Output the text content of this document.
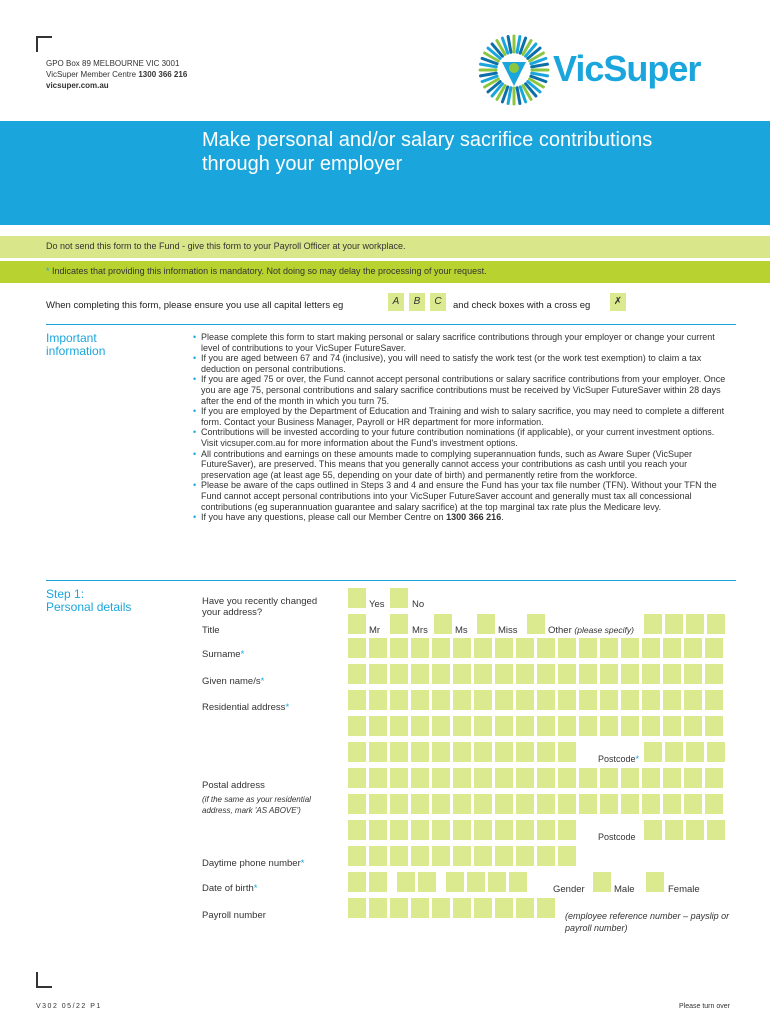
GPO Box 89 MELBOURNE VIC 3001
VicSuper Member Centre 1300 366 216
vicsuper.com.au	VicSuper
Make personal and/or salary sacrifice contributions
through your employer
Do not send this form to the Fund - give this form to your Payroll Officer at your workplace.
* Indicates that providing this information is mandatory. Not doing so may delay the processing of your request.
When completing this form, please ensure you use all capital letters eg	A	B	C	and check boxes with a cross eg	✗
Important
information
• Please complete this form to start making personal or salary sacrifice contributions through your employer or change your current level of contributions to your VicSuper FutureSaver.
• If you are aged between 67 and 74 (inclusive), you will need to satisfy the work test (or the work test exemption) to claim a tax deduction on personal contributions.
• If you are aged 75 or over, the Fund cannot accept personal contributions or salary sacrifice contributions from your employer. Once you are age 75, personal contributions and salary sacrifice contributions must be received by VicSuper FutureSaver within 28 days after the end of the month in which you turn 75.
• If you are employed by the Department of Education and Training and wish to salary sacrifice, you may need to complete a different form. Contact your Business Manager, Payroll or HR department for more information.
• Contributions will be invested according to your future contribution nominations (if applicable), or your current investment options. Visit vicsuper.com.au for more information about the Fund's investment options.
• All contributions and earnings on these amounts made to complying superannuation funds, such as Aware Super (VicSuper FutureSaver), are preserved. This means that you generally cannot access your contributions as cash until you reach your preservation age (at least age 55, depending on your date of birth) and permanently retire from the workforce.
• Please be aware of the caps outlined in Steps 3 and 4 and ensure the Fund has your tax file number (TFN). Without your TFN the Fund cannot accept personal contributions into your VicSuper FutureSaver account and generally must tax all concessional contributions (eg superannuation guarantee and salary sacrifice) at the top marginal tax rate plus the Medicare levy.
• If you have any questions, please call our Member Centre on 1300 366 216.
Step 1:
Personal details	Have you recently changed your address?
Yes	No
Title	Mr	Mrs	Ms	Miss	Other (please specify)
Surname*
Given name/s*
Residential address*
Postcode*
Postal address
(if the same as your residential address, mark 'AS ABOVE')
Postcode
Daytime phone number*
Date of birth*	Gender	Male	Female
Payroll number	(employee reference number – payslip or payroll number)
V302 05/22 P1	Please turn over
